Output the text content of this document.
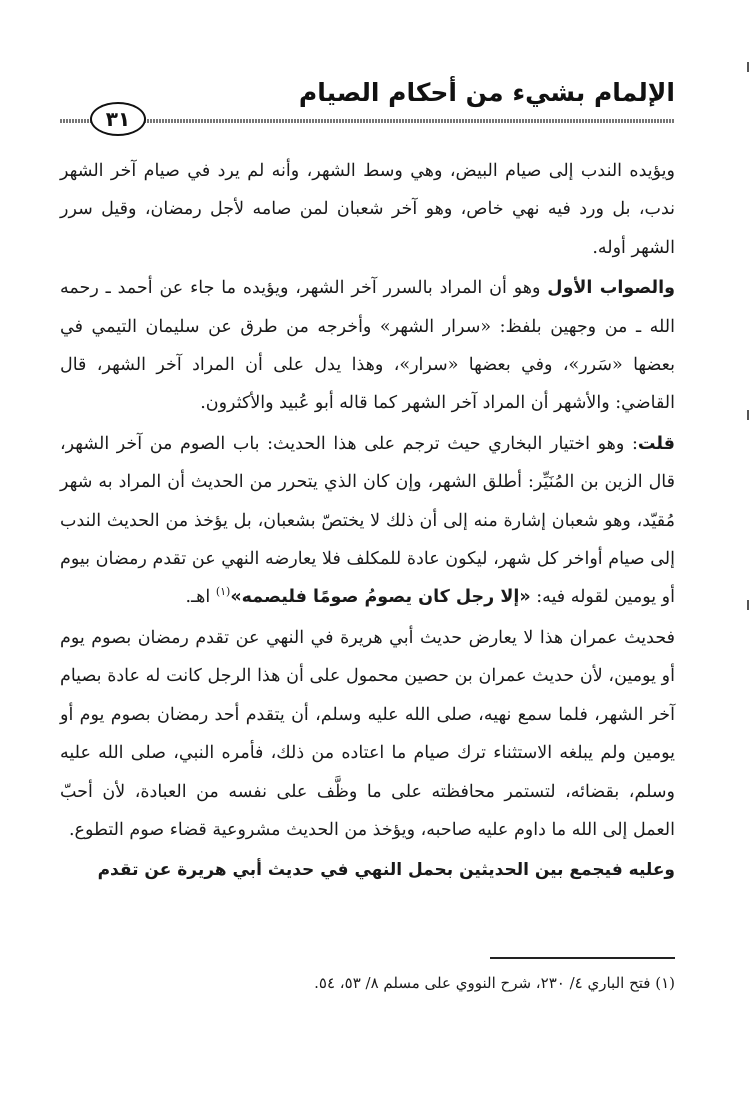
الإلمام بشيء من أحكام الصيام
٣١

ويؤيده الندب إلى صيام البيض، وهي وسط الشهر، وأنه لم يرد في صيام آخر الشهر ندب، بل ورد فيه نهي خاص، وهو آخر شعبان لمن صامه لأجل رمضان، وقيل سرر الشهر أوله.

والصواب الأول وهو أن المراد بالسرر آخر الشهر، ويؤيده ما جاء عن أحمد ـ رحمه الله ـ من وجهين بلفظ: «سرار الشهر» وأخرجه من طرق عن سليمان التيمي في بعضها «سَرر»، وفي بعضها «سرار»، وهذا يدل على أن المراد آخر الشهر، قال القاضي: والأشهر أن المراد آخر الشهر كما قاله أبو عُبيد والأكثرون.

قلت: وهو اختيار البخاري حيث ترجم على هذا الحديث: باب الصوم من آخر الشهر، قال الزين بن المُنَيِّر: أطلق الشهر، وإن كان الذي يتحرر من الحديث أن المراد به شهر مُقيّد، وهو شعبان إشارة منه إلى أن ذلك لا يختصّ بشعبان، بل يؤخذ من الحديث الندب إلى صيام أواخر كل شهر، ليكون عادة للمكلف فلا يعارضه النهي عن تقدم رمضان بيوم أو يومين لقوله فيه: «إلا رجل كان يصومُ صومًا فليصمه»$^{(١)}$ اهـ.

فحديث عمران هذا لا يعارض حديث أبي هريرة في النهي عن تقدم رمضان بصوم يوم أو يومين، لأن حديث عمران بن حصين محمول على أن هذا الرجل كانت له عادة بصيام آخر الشهر، فلما سمع نهيه، صلى الله عليه وسلم، أن يتقدم أحد رمضان بصوم يوم أو يومين ولم يبلغه الاستثناء ترك صيام ما اعتاده من ذلك، فأمره النبي، صلى الله عليه وسلم، بقضائه، لتستمر محافظته على ما وظَّف على نفسه من العبادة، لأن أحبّ العمل إلى الله ما داوم عليه صاحبه، ويؤخذ من الحديث مشروعية قضاء صوم التطوع.

وعليه فيجمع بين الحديثين بحمل النهي في حديث أبي هريرة عن تقدم

(١) فتح الباري ٤/ ٢٣٠، شرح النووي على مسلم ٨/ ٥٣، ٥٤.
